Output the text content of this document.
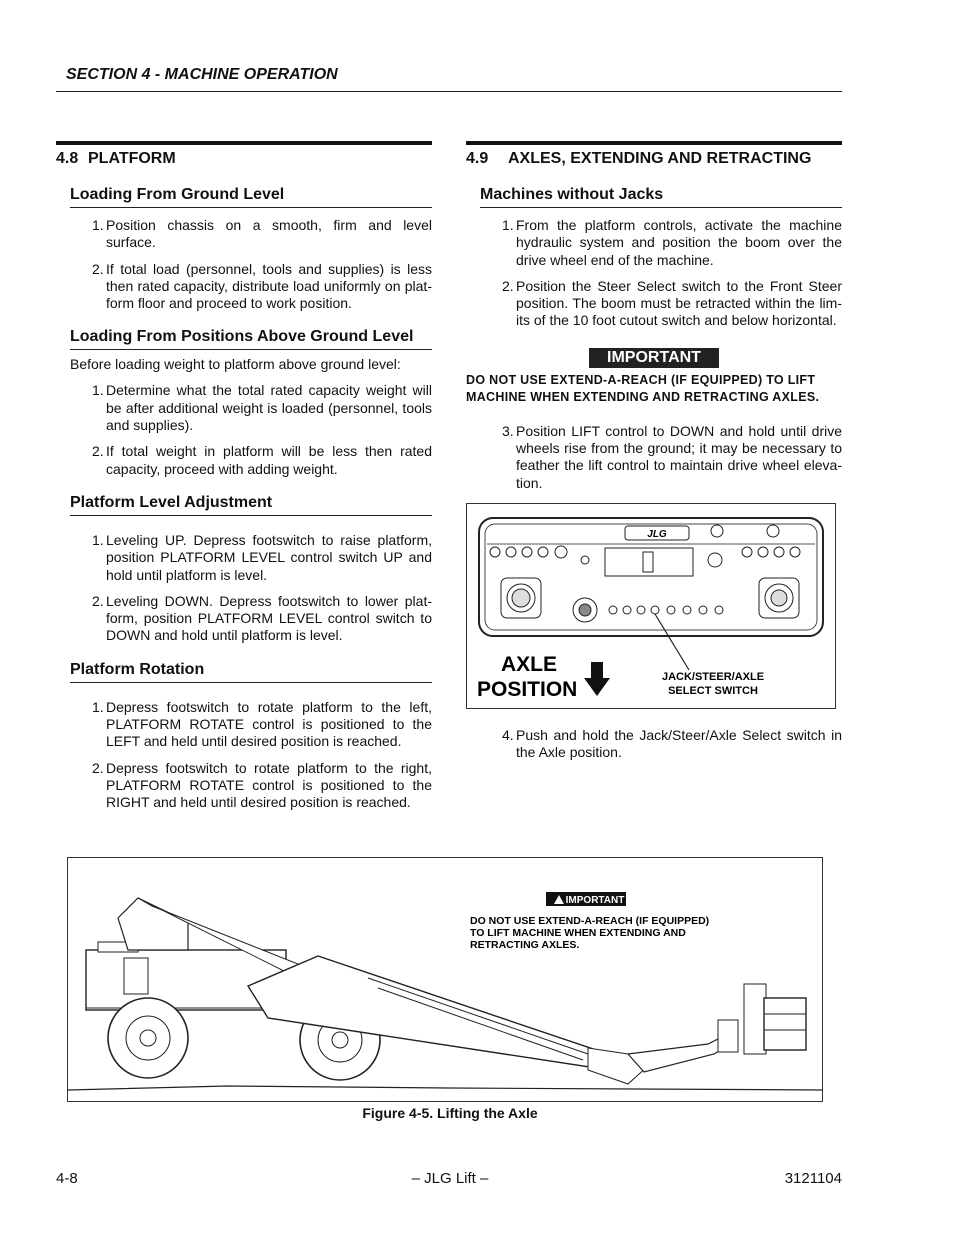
SECTION 4 - MACHINE OPERATION
4.8 PLATFORM
Loading From Ground Level
1. Position chassis on a smooth, firm and level surface.
2. If total load (personnel, tools and supplies) is less then rated capacity, distribute load uniformly on plat-form floor and proceed to work position.
Loading From Positions Above Ground Level
Before loading weight to platform above ground level:
1. Determine what the total rated capacity weight will be after additional weight is loaded (personnel, tools and supplies).
2. If total weight in platform will be less then rated capacity, proceed with adding weight.
Platform Level Adjustment
1. Leveling UP. Depress footswitch to raise platform, position PLATFORM LEVEL control switch UP and hold until platform is level.
2. Leveling DOWN. Depress footswitch to lower plat-form, position PLATFORM LEVEL control switch to DOWN and hold until platform is level.
Platform Rotation
1. Depress footswitch to rotate platform to the left, PLATFORM ROTATE control is positioned to the LEFT and held until desired position is reached.
2. Depress footswitch to rotate platform to the right, PLATFORM ROTATE control is positioned to the RIGHT and held until desired position is reached.
4.9 AXLES, EXTENDING AND RETRACTING
Machines without Jacks
1. From the platform controls, activate the machine hydraulic system and position the boom over the drive wheel end of the machine.
2. Position the Steer Select switch to the Front Steer position. The boom must be retracted within the lim-its of the 10 foot cutout switch and below horizontal.
IMPORTANT
DO NOT USE EXTEND-A-REACH (IF EQUIPPED) TO LIFT MACHINE WHEN EXTENDING AND RETRACTING AXLES.
3. Position LIFT control to DOWN and hold until drive wheels rise from the ground; it may be necessary to feather the lift control to maintain drive wheel eleva-tion.
JLG
AXLE
POSITION
JACK/STEER/AXLE
SELECT SWITCH
4. Push and hold the Jack/Steer/Axle Select switch in the Axle position.
IMPORTANT
DO NOT USE EXTEND-A-REACH (IF EQUIPPED)
TO LIFT MACHINE WHEN EXTENDING AND
RETRACTING AXLES.
Figure 4-5. Lifting the Axle
4-8	– JLG Lift –	3121104
